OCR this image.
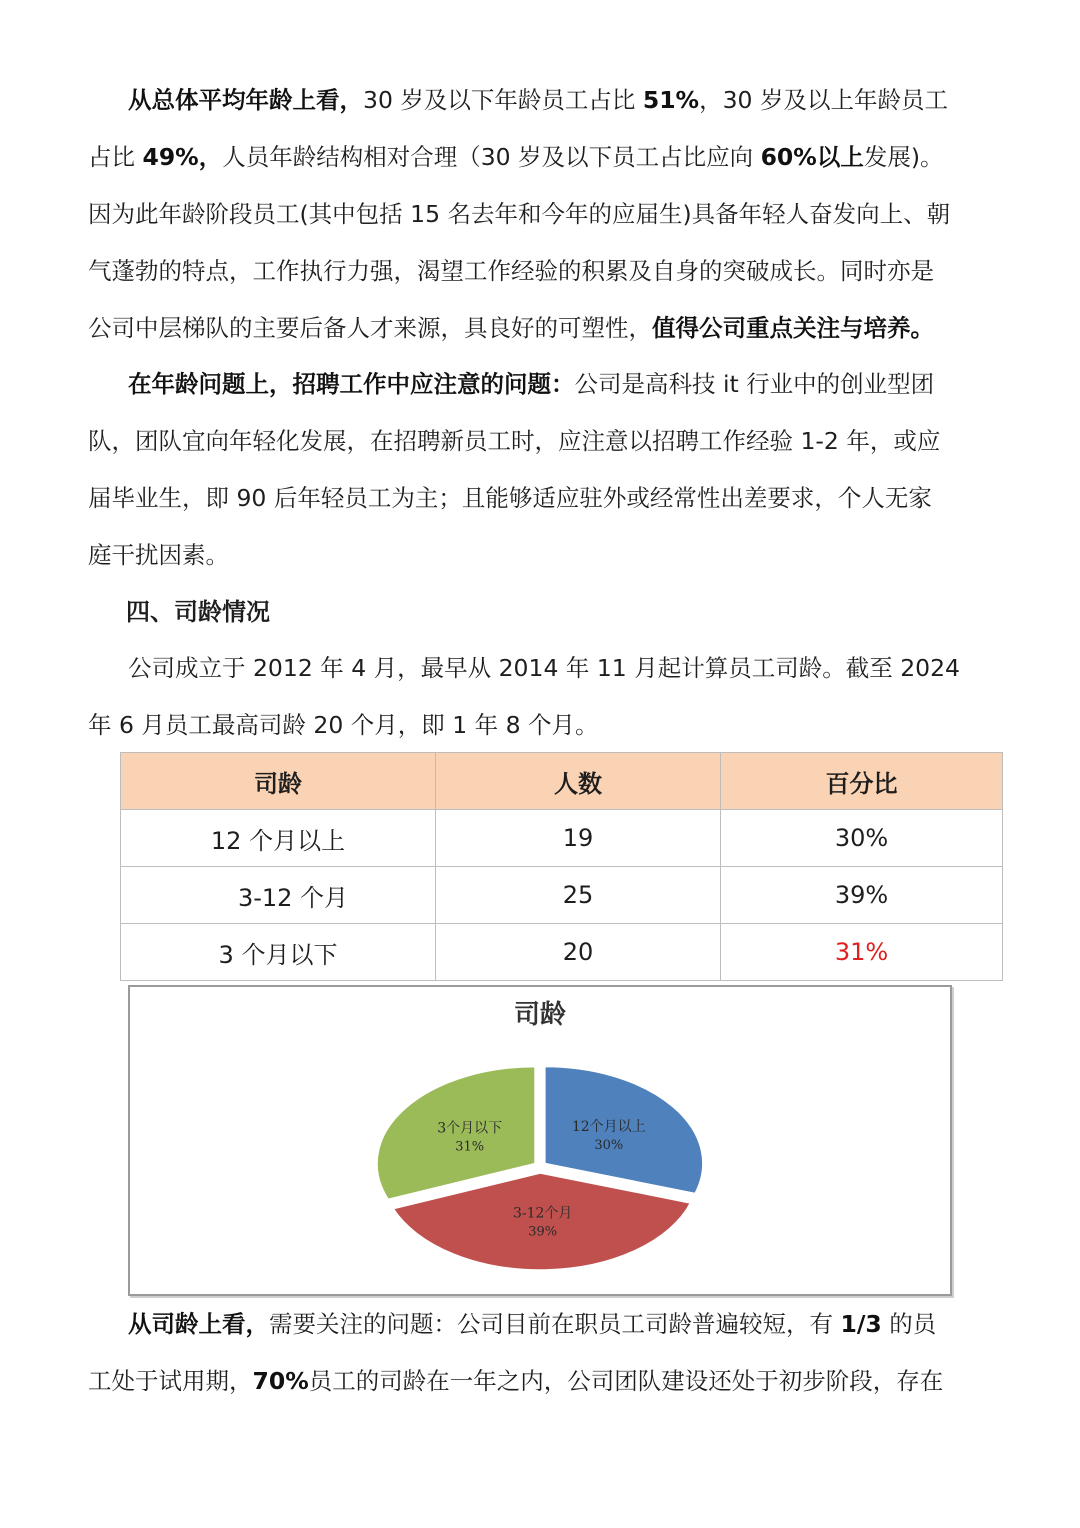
从总体平均年龄上看，30 岁及以下年龄员工占比 51%，30 岁及以上年龄员工
占比 49%，人员年龄结构相对合理（30 岁及以下员工占比应向 60%以上发展)。
因为此年龄阶段员工(其中包括 15 名去年和今年的应届生)具备年轻人奋发向上、朝
气蓬勃的特点，工作执行力强，渴望工作经验的积累及自身的突破成长。同时亦是
公司中层梯队的主要后备人才来源，具良好的可塑性，值得公司重点关注与培养。
在年龄问题上，招聘工作中应注意的问题：公司是高科技 it 行业中的创业型团
队，团队宜向年轻化发展，在招聘新员工时，应注意以招聘工作经验 1-2 年，或应
届毕业生，即 90 后年轻员工为主；且能够适应驻外或经常性出差要求，个人无家
庭干扰因素。
四、司龄情况
公司成立于 2012 年 4 月，最早从 2014 年 11 月起计算员工司龄。截至 2024
年 6 月员工最高司龄 20 个月，即 1 年 8 个月。
司龄	人数	百分比
12 个月以上	19	30%
3-12 个月	25	39%
3 个月以下	20	31%
司龄
12个月以上
30%
3-12个月
39%
3个月以下
31%
从司龄上看，需要关注的问题：公司目前在职员工司龄普遍较短，有 1/3 的员
工处于试用期，70%员工的司龄在一年之内，公司团队建设还处于初步阶段，存在
